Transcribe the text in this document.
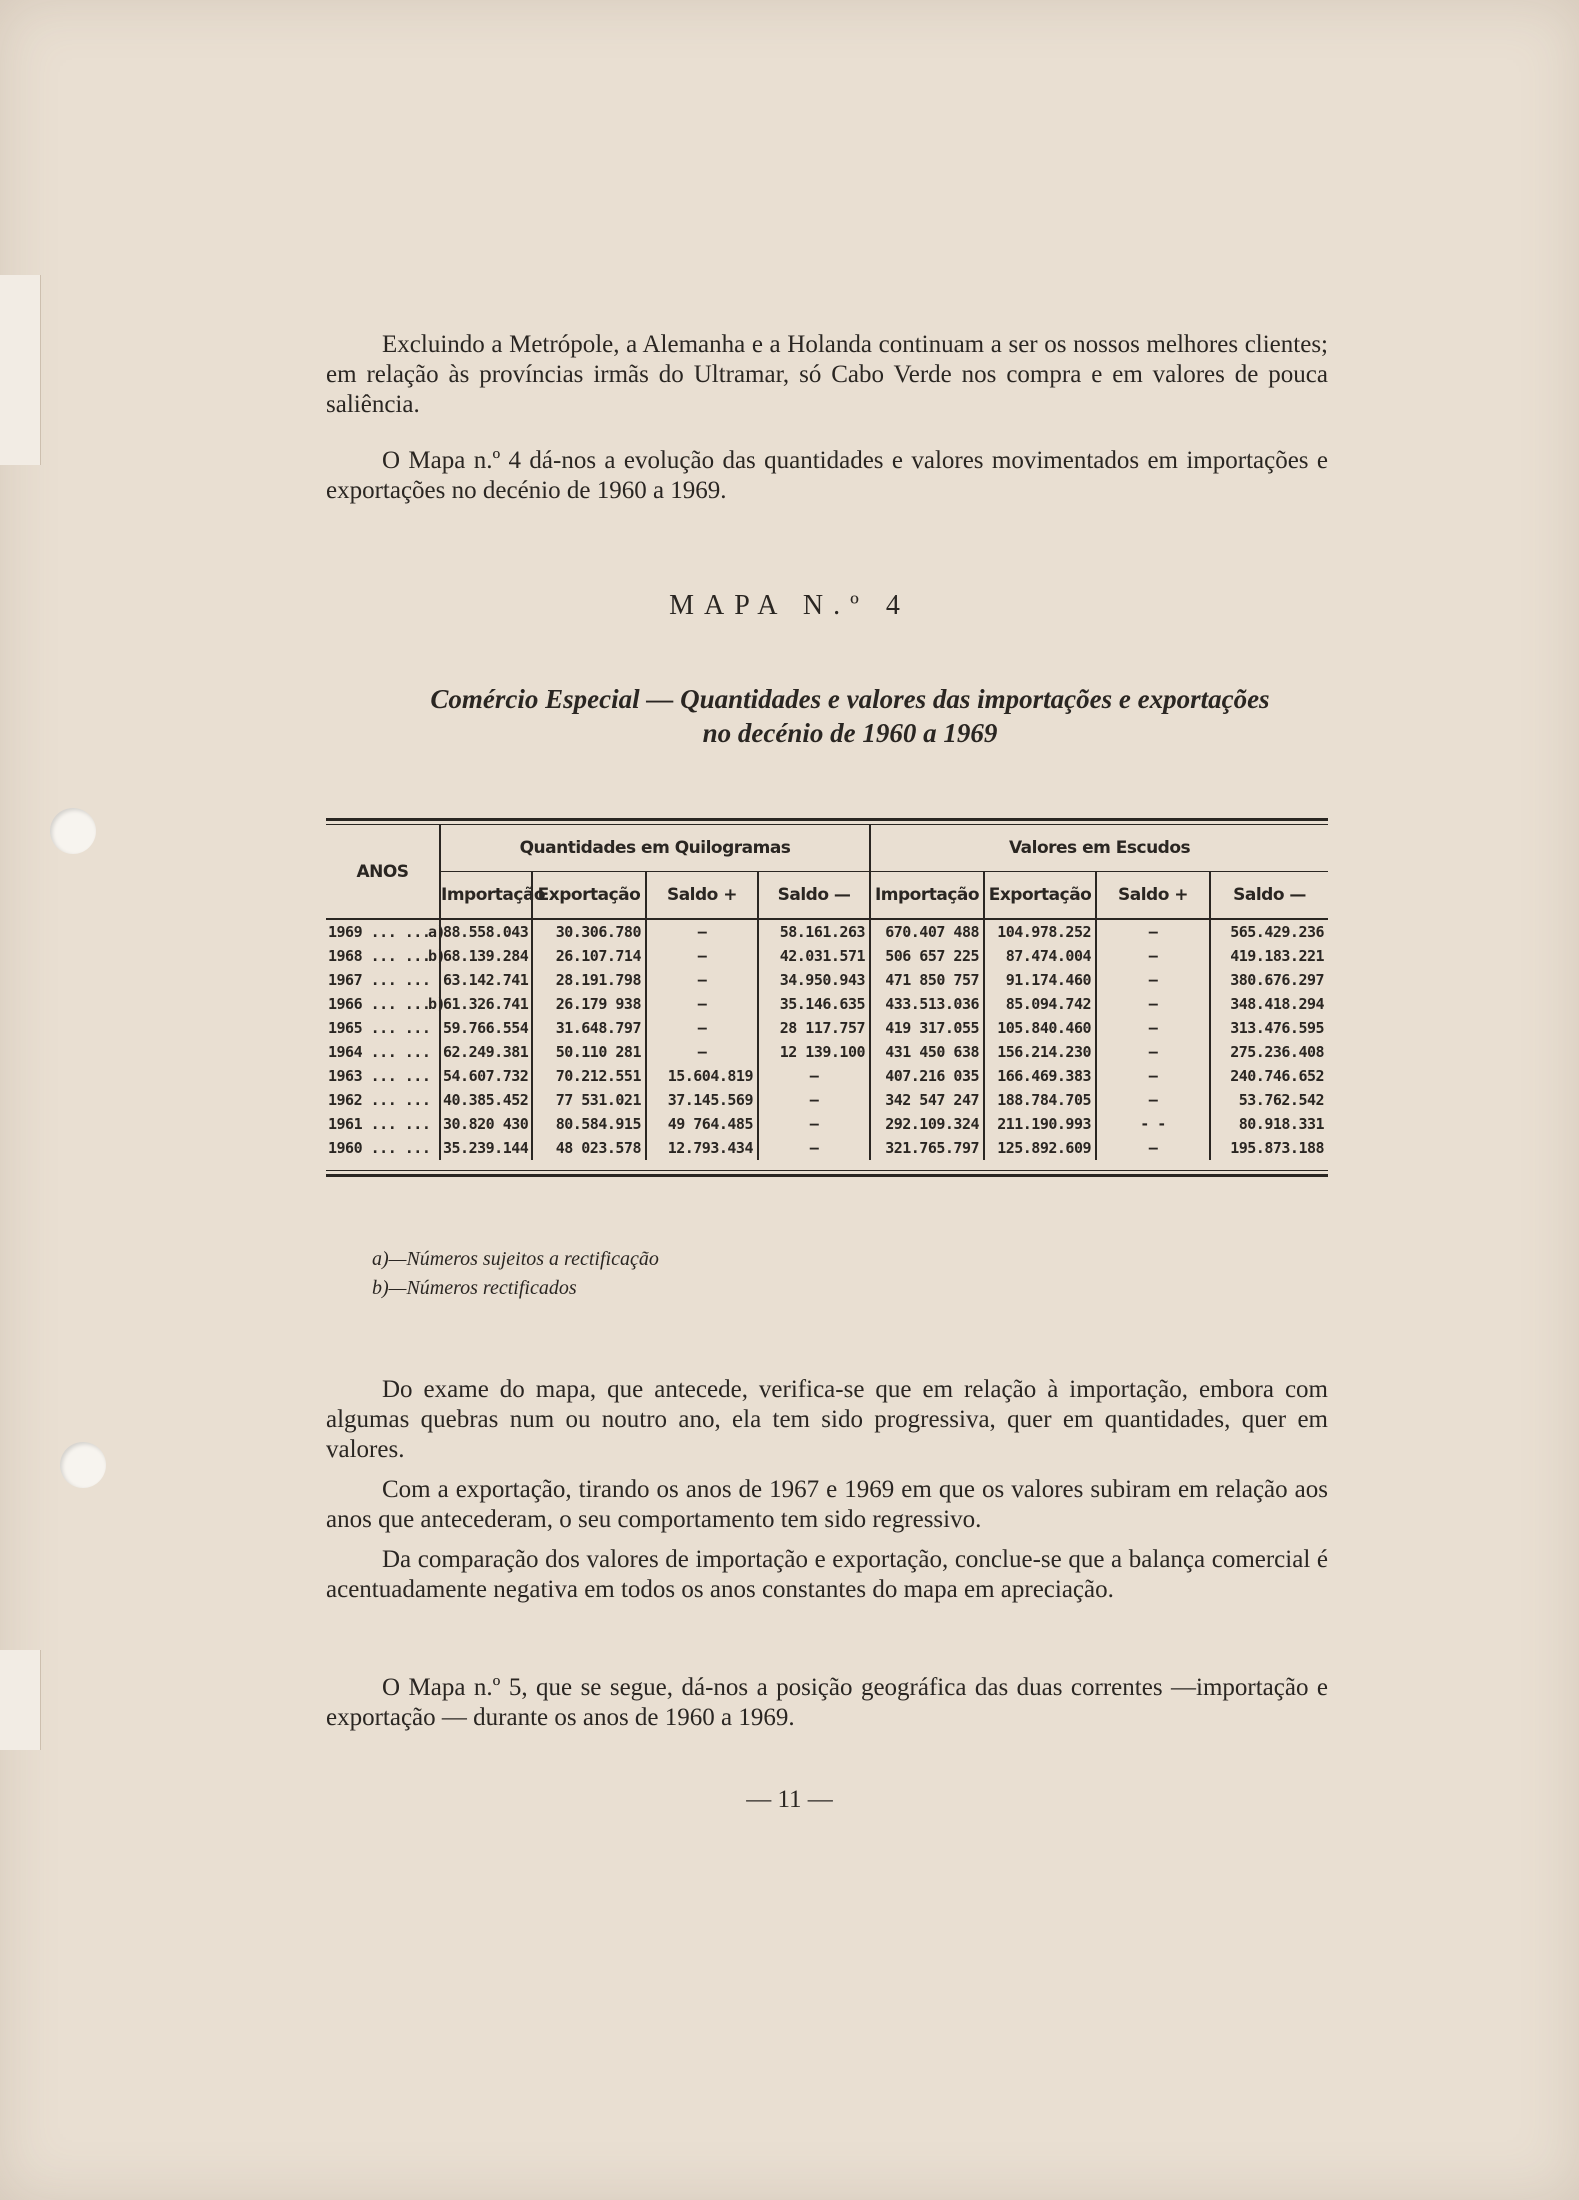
Excluindo a Metrópole, a Alemanha e a Holanda continuam a ser os nossos melhores clientes; em relação às províncias irmãs do Ultramar, só Cabo Verde nos compra e em valores de pouca saliência.

O Mapa n.º 4 dá-nos a evolução das quantidades e valores movimentados em importações e exportações no decénio de 1960 a 1969.

MAPA N.º 4

Comércio Especial — Quantidades e valores das importações e exportações
no decénio de 1960 a 1969

ANOS		Quantidades em Quilogramas				Valores em Escudos			
		Importação	Exportação	Saldo +	Saldo —	Importação	Exportação	Saldo +	Saldo —
1969 ... ...	a)	88.558.043	30.306.780	—	58.161.263	670.407 488	104.978.252	—	565.429.236
1968 ... ...	b)	68.139.284	26.107.714	—	42.031.571	506 657 225	87.474.004	—	419.183.221
1967 ... ...		63.142.741	28.191.798	—	34.950.943	471 850 757	91.174.460	—	380.676.297
1966 ... ...	b)	61.326.741	26.179 938	—	35.146.635	433.513.036	85.094.742	—	348.418.294
1965 ... ...		59.766.554	31.648.797	—	28 117.757	419 317.055	105.840.460	—	313.476.595
1964 ... ...		62.249.381	50.110 281	—	12 139.100	431 450 638	156.214.230	—	275.236.408
1963 ... ...		54.607.732	70.212.551	15.604.819	—	407.216 035	166.469.383	—	240.746.652
1962 ... ...		40.385.452	77 531.021	37.145.569	—	342 547 247	188.784.705	—	53.762.542
1961 ... ...		30.820 430	80.584.915	49 764.485	—	292.109.324	211.190.993	- -	80.918.331
1960 ... ...		35.239.144	48 023.578	12.793.434	—	321.765.797	125.892.609	—	195.873.188

a)—Números sujeitos a rectificação

b)—Números rectificados

Do exame do mapa, que antecede, verifica-se que em relação à importação, embora com algumas quebras num ou noutro ano, ela tem sido progressiva, quer em quantidades, quer em valores.

Com a exportação, tirando os anos de 1967 e 1969 em que os valores subiram em relação aos anos que antecederam, o seu comportamento tem sido regressivo.

Da comparação dos valores de importação e exportação, conclue-se que a balança comercial é acentuadamente negativa em todos os anos constantes do mapa em apreciação.

O Mapa n.º 5, que se segue, dá-nos a posição geográfica das duas correntes —importação e exportação — durante os anos de 1960 a 1969.

— 11 —
